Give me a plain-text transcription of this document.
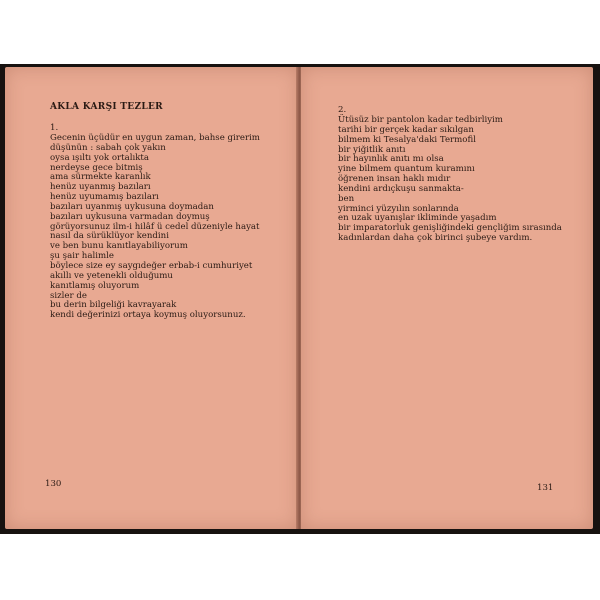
AKLA KARŞI TEZLER
1.
Gecenin üçüdür en uygun zaman, bahse girerim
düşünün : sabah çok yakın
oysa ışıltı yok ortalıkta
nerdeyse gece bitmiş
ama sürmekte karanlık
henüz uyanmış bazıları
henüz uyumamış bazıları
bazıları uyanmış uykusuna doymadan
bazıları uykusuna varmadan doymuş
görüyorsunuz ilm-i hilâf ü cedel düzeniyle hayat
nasıl da sürüklüyor kendini
ve ben bunu kanıtlayabiliyorum
şu şair halimle
böylece size ey saygıdeğer erbab-i cumhuriyet
akıllı ve yetenekli olduğumu
kanıtlamış oluyorum
sizler de
bu derin bilgeliği kavrayarak
kendi değerinizi ortaya koymuş oluyorsunuz.
130
2.
Ütüsüz bir pantolon kadar tedbirliyim
tarihi bir gerçek kadar sıkılgan
bilmem ki Tesalya'daki Termofil
bir yiğitlik anıtı
bir hayınlık anıtı mı olsa
yine bilmem quantum kuramını
öğrenen insan haklı mıdır
kendini ardıçkuşu sanmakta-
ben
yirminci yüzyılın sonlarında
en uzak uyanışlar ikliminde yaşadım
bir imparatorluk genişliğindeki gençliğim sırasında
kadınlardan daha çok birinci şubeye vardım.
131
